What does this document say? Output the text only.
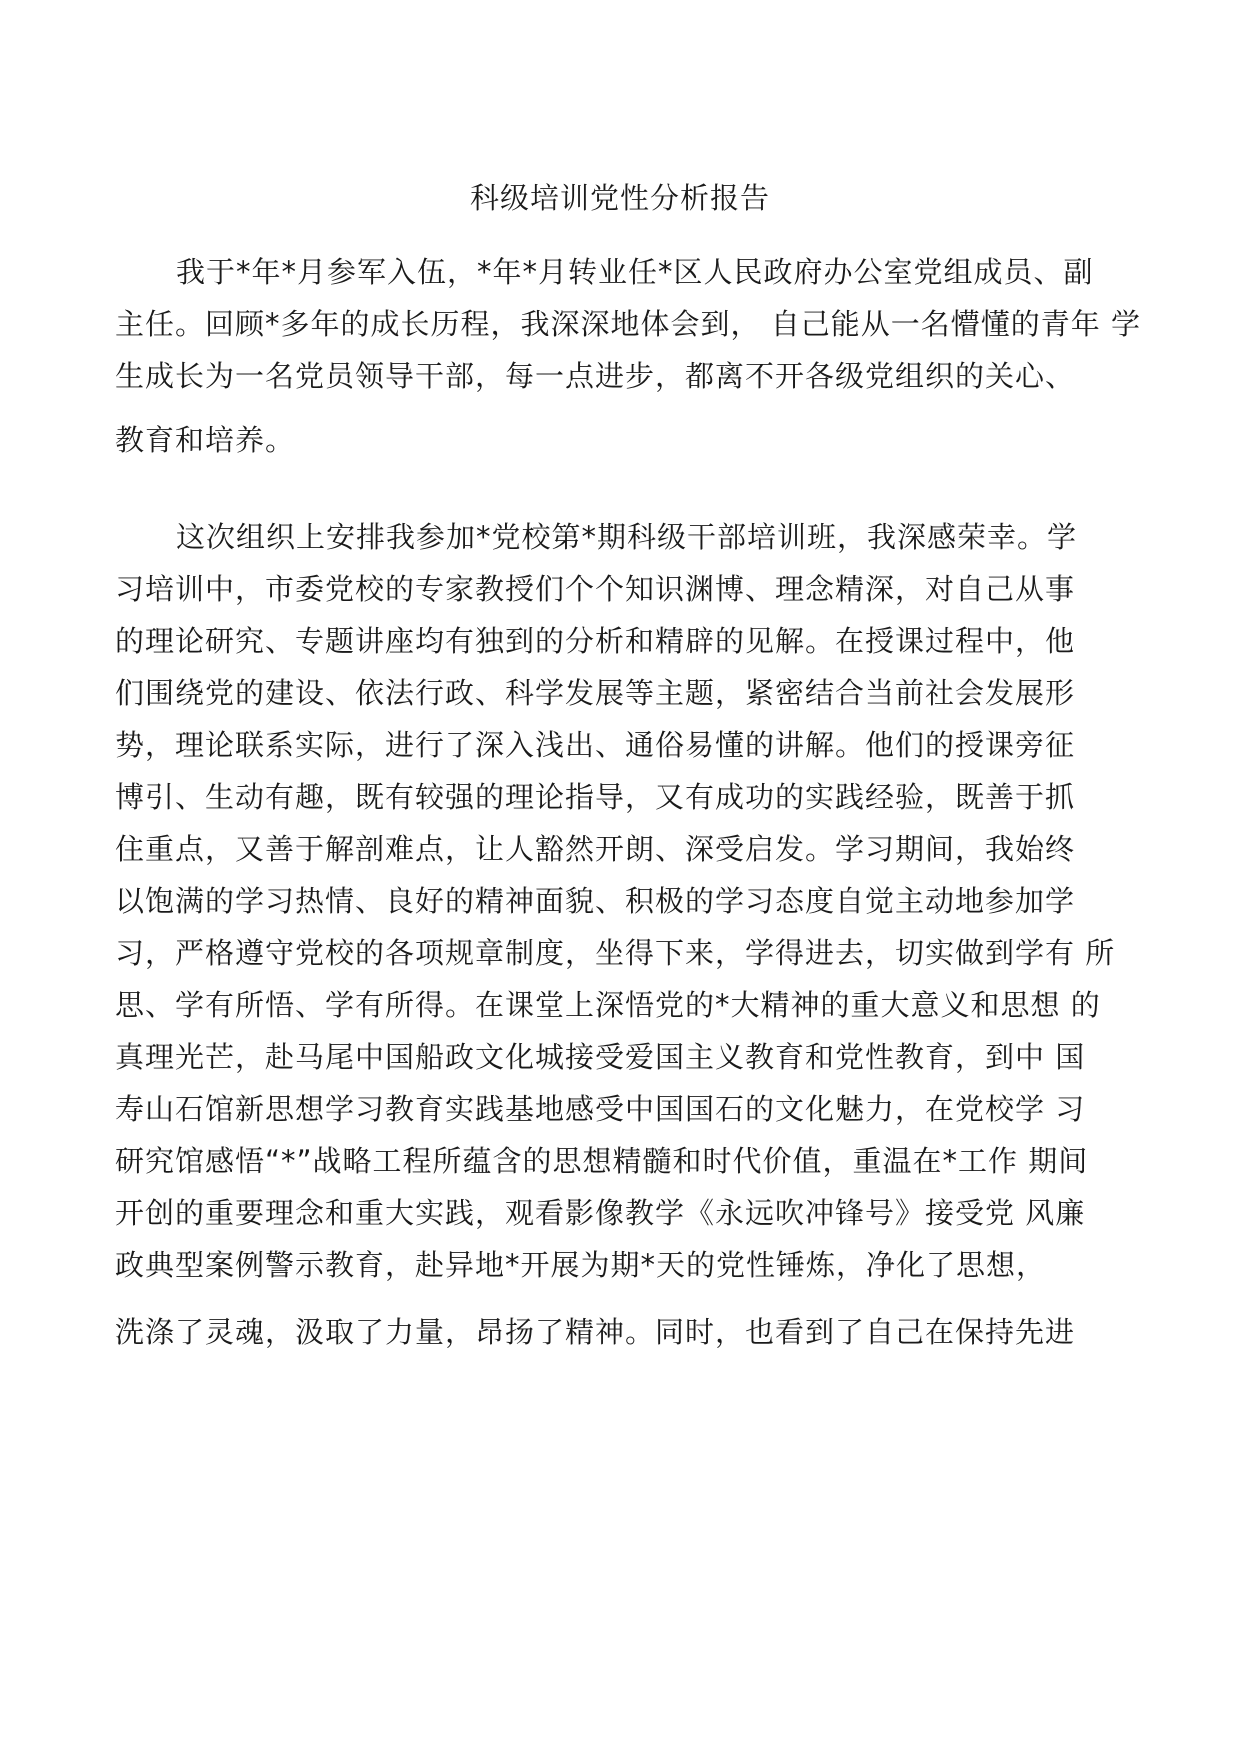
科级培训党性分析报告
我于*年*月参军入伍，*年*月转业任*区人民政府办公室党组成员、副
主任。回顾*多年的成长历程，我深深地体会到， 自己能从一名懵懂的青年 学
生成长为一名党员领导干部，每一点进步，都离不开各级党组织的关心、
教育和培养。
这次组织上安排我参加*党校第*期科级干部培训班，我深感荣幸。学
习培训中，市委党校的专家教授们个个知识渊博、理念精深，对自己从事
的理论研究、专题讲座均有独到的分析和精辟的见解。在授课过程中，他
们围绕党的建设、依法行政、科学发展等主题，紧密结合当前社会发展形
势，理论联系实际，进行了深入浅出、通俗易懂的讲解。他们的授课旁征
博引、生动有趣，既有较强的理论指导，又有成功的实践经验，既善于抓
住重点，又善于解剖难点，让人豁然开朗、深受启发。学习期间，我始终
以饱满的学习热情、良好的精神面貌、积极的学习态度自觉主动地参加学
习，严格遵守党校的各项规章制度，坐得下来，学得进去，切实做到学有 所
思、学有所悟、学有所得。在课堂上深悟党的*大精神的重大意义和思想 的
真理光芒，赴马尾中国船政文化城接受爱国主义教育和党性教育，到中 国
寿山石馆新思想学习教育实践基地感受中国国石的文化魅力，在党校学 习
研究馆感悟“*”战略工程所蕴含的思想精髓和时代价值，重温在*工作 期间
开创的重要理念和重大实践，观看影像教学《永远吹冲锋号》接受党 风廉
政典型案例警示教育，赴异地*开展为期*天的党性锤炼，净化了思想，
洗涤了灵魂，汲取了力量，昂扬了精神。同时，也看到了自己在保持先进
